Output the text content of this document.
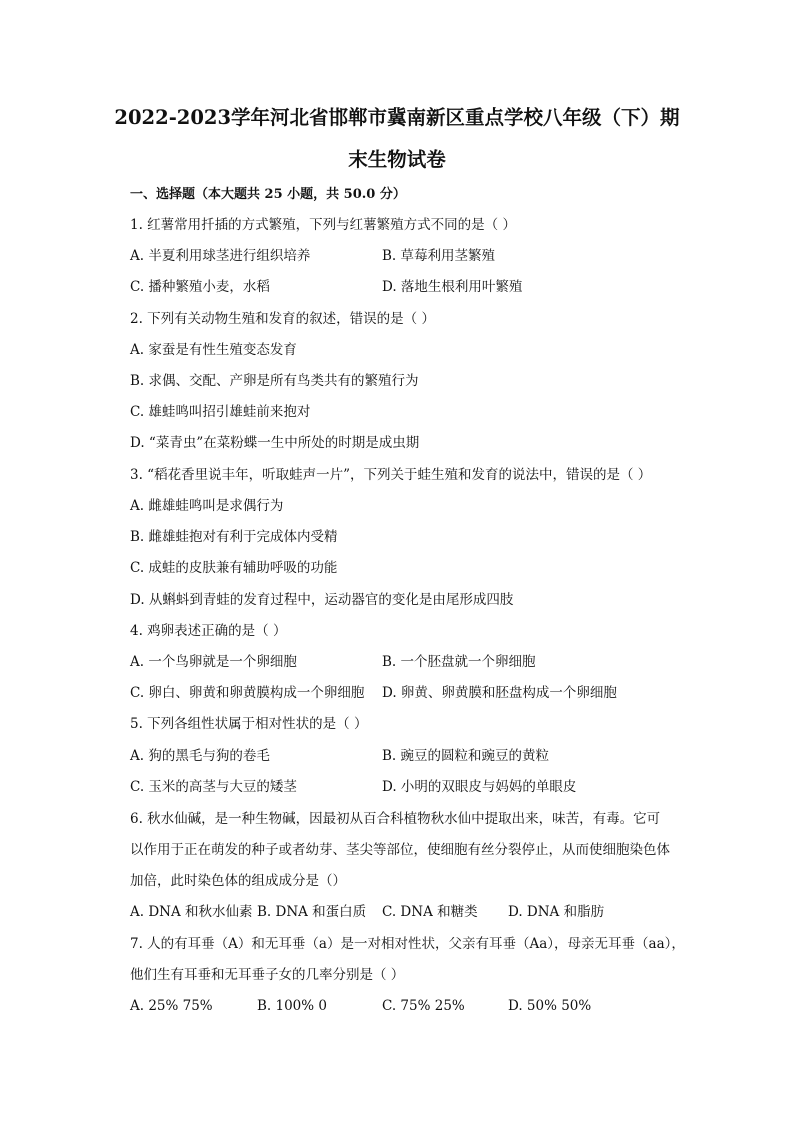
2022-2023学年河北省邯郸市冀南新区重点学校八年级（下）期
末生物试卷
一、选择题（本大题共 25 小题，共 50.0 分）
1. 红薯常用扦插的方式繁殖，下列与红薯繁殖方式不同的是（ ）
A. 半夏利用球茎进行组织培养	B. 草莓利用茎繁殖
C. 播种繁殖小麦，水稻	D. 落地生根利用叶繁殖
2. 下列有关动物生殖和发育的叙述，错误的是（ ）
A. 家蚕是有性生殖变态发育
B. 求偶、交配、产卵是所有鸟类共有的繁殖行为
C. 雄蛙鸣叫招引雄蛙前来抱对
D. “菜青虫”在菜粉蝶一生中所处的时期是成虫期
3. “稻花香里说丰年，听取蛙声一片”，下列关于蛙生殖和发育的说法中，错误的是（ ）
A. 雌雄蛙鸣叫是求偶行为
B. 雌雄蛙抱对有利于完成体内受精
C. 成蛙的皮肤兼有辅助呼吸的功能
D. 从蝌蚪到青蛙的发育过程中，运动器官的变化是由尾形成四肢
4. 鸡卵表述正确的是（ ）
A. 一个鸟卵就是一个卵细胞	B. 一个胚盘就一个卵细胞
C. 卵白、卵黄和卵黄膜构成一个卵细胞 D. 卵黄、卵黄膜和胚盘构成一个卵细胞
5. 下列各组性状属于相对性状的是（ ）
A. 狗的黑毛与狗的卷毛	B. 豌豆的圆粒和豌豆的黄粒
C. 玉米的高茎与大豆的矮茎	D. 小明的双眼皮与妈妈的单眼皮
6. 秋水仙碱，是一种生物碱，因最初从百合科植物秋水仙中提取出来，味苦，有毒。它可
以作用于正在萌发的种子或者幼芽、茎尖等部位，使细胞有丝分裂停止，从而使细胞染色体
加倍，此时染色体的组成成分是（）
A. DNA 和秋水仙素 B. DNA 和蛋白质 C. DNA 和糖类 D. DNA 和脂肪
7. 人的有耳垂（A）和无耳垂（a）是一对相对性状，父亲有耳垂（Aa），母亲无耳垂（aa），
他们生有耳垂和无耳垂子女的几率分别是（ ）
A. 25% 75%	B. 100% 0	C. 75% 25%	D. 50% 50%
